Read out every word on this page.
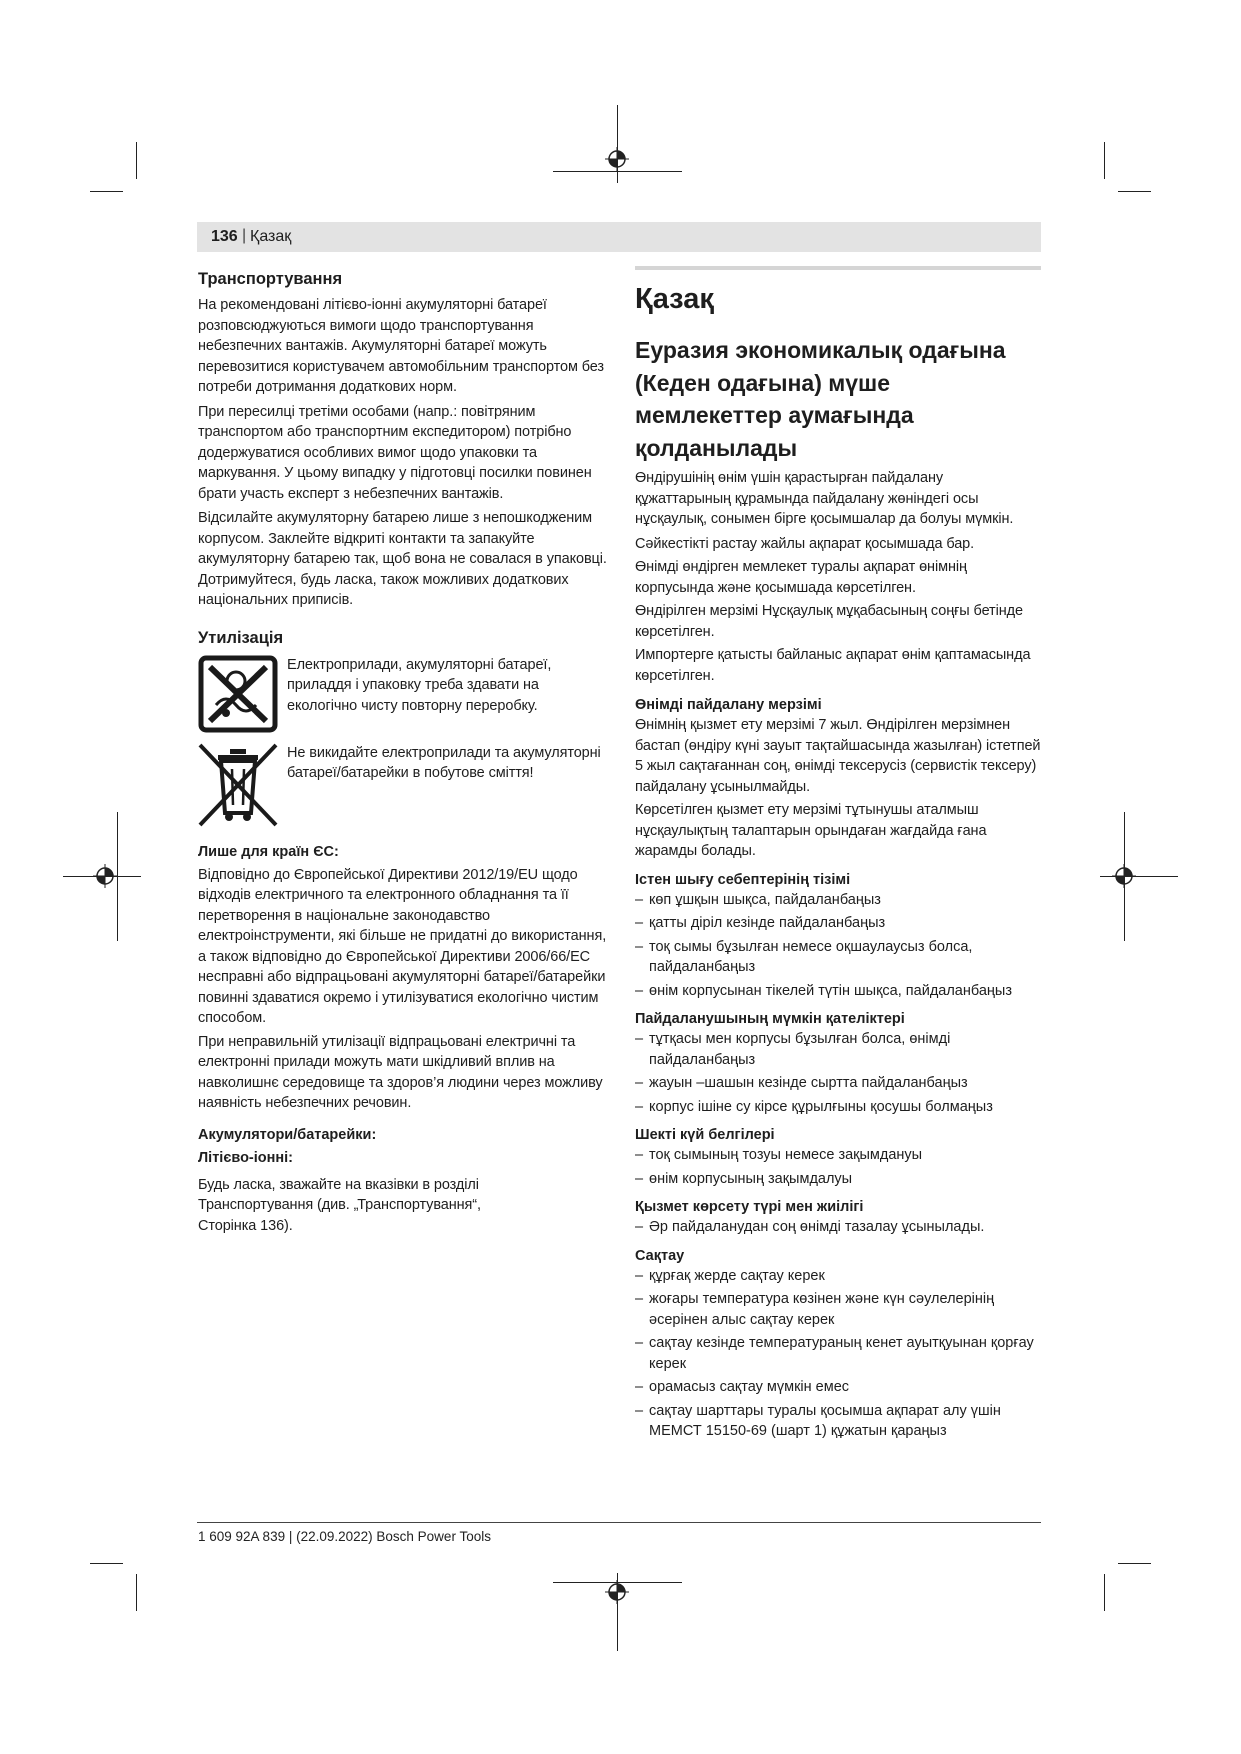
136 | Қазақ
Транспортування

На рекомендовані літієво-іонні акумуляторні батареї розповсюджуються вимоги щодо транспортування небезпечних вантажів. Акумуляторні батареї можуть перевозитися користувачем автомобільним транспортом без потреби дотримання додаткових норм.

При пересилці третіми особами (напр.: повітряним транспортом або транспортним експедитором) потрібно додержуватися особливих вимог щодо упаковки та маркування. У цьому випадку у підготовці посилки повинен брати участь експерт з небезпечних вантажів.

Відсилайте акумуляторну батарею лише з непошкодженим корпусом. Заклейте відкриті контакти та запакуйте акумуляторну батарею так, щоб вона не совалася в упаковці. Дотримуйтеся, будь ласка, також можливих додаткових національних приписів.

Утилізація

Електроприлади, акумуляторні батареї, приладдя і упаковку треба здавати на екологічно чисту повторну переробку.

Не викидайте електроприлади та акумуляторні батареї/батарейки в побутове сміття!

Лише для країн ЄС:

Відповідно до Європейської Директиви 2012/19/EU щодо відходів електричного та електронного обладнання та її перетворення в національне законодавство електроінструменти, які більше не придатні до використання, а також відповідно до Європейської Директиви 2006/66/EC несправні або відпрацьовані акумуляторні батареї/батарейки повинні здаватися окремо і утилізуватися екологічно чистим способом.

При неправильній утилізації відпрацьовані електричні та електронні прилади можуть мати шкідливий вплив на навколишнє середовище та здоров’я людини через можливу наявність небезпечних речовин.

Акумулятори/батарейки:
Літієво-іонні:

Будь ласка, зважайте на вказівки в розділі Транспортування (див. „Транспортування“, Сторінка 136).

Қазақ
Еуразия экономикалық одағына (Кеден одағына) мүше мемлекеттер аумағында қолданылады

Өндірушінің өнім үшін қарастырған пайдалану құжаттарының құрамында пайдалану жөніндегі осы нұсқаулық, сонымен бірге қосымшалар да болуы мүмкін.

Сәйкестікті растау жайлы ақпарат қосымшада бар.

Өнімді өндірген мемлекет туралы ақпарат өнімнің корпусында және қосымшада көрсетілген.

Өндірілген мерзімі Нұсқаулық мұқабасының соңғы бетінде көрсетілген.

Импортерге қатысты байланыс ақпарат өнім қаптамасында көрсетілген.

Өнімді пайдалану мерзімі

Өнімнің қызмет ету мерзімі 7 жыл. Өндірілген мерзімнен бастап (өндіру күні зауыт тақтайшасында жазылған) істетпей 5 жыл сақтағаннан соң, өнімді тексерусіз (сервистік тексеру) пайдалану ұсынылмайды.

Көрсетілген қызмет ету мерзімі тұтынушы аталмыш нұсқаулықтың талаптарын орындаған жағдайда ғана жарамды болады.

Істен шығу себептерінің тізімі

– көп ұшқын шықса, пайдаланбаңыз

– қатты діріл кезінде пайдаланбаңыз

– тоқ сымы бұзылған немесе оқшаулаусыз болса, пайдаланбаңыз

– өнім корпусынан тікелей түтін шықса, пайдаланбаңыз

Пайдаланушының мүмкін қателіктері

– тұтқасы мен корпусы бұзылған болса, өнімді пайдаланбаңыз

– жауын –шашын кезінде сыртта пайдаланбаңыз

– корпус ішіне су кірсе құрылғыны қосушы болмаңыз

Шекті күй белгілері

– тоқ сымының тозуы немесе зақымдануы

– өнім корпусының зақымдалуы

Қызмет көрсету түрі мен жиілігі

– Әр пайдаланудан соң өнімді тазалау ұсынылады.

Сақтау

– құрғақ жерде сақтау керек

– жоғары температура көзінен және күн сәулелерінің әсерінен алыс сақтау керек

– сақтау кезінде температураның кенет ауытқуынан қорғау керек

– орамасыз сақтау мүмкін емес

– сақтау шарттары туралы қосымша ақпарат алу үшін МЕМСТ 15150-69 (шарт 1) құжатын қараңыз

1 609 92A 839 | (22.09.2022) Bosch Power Tools
